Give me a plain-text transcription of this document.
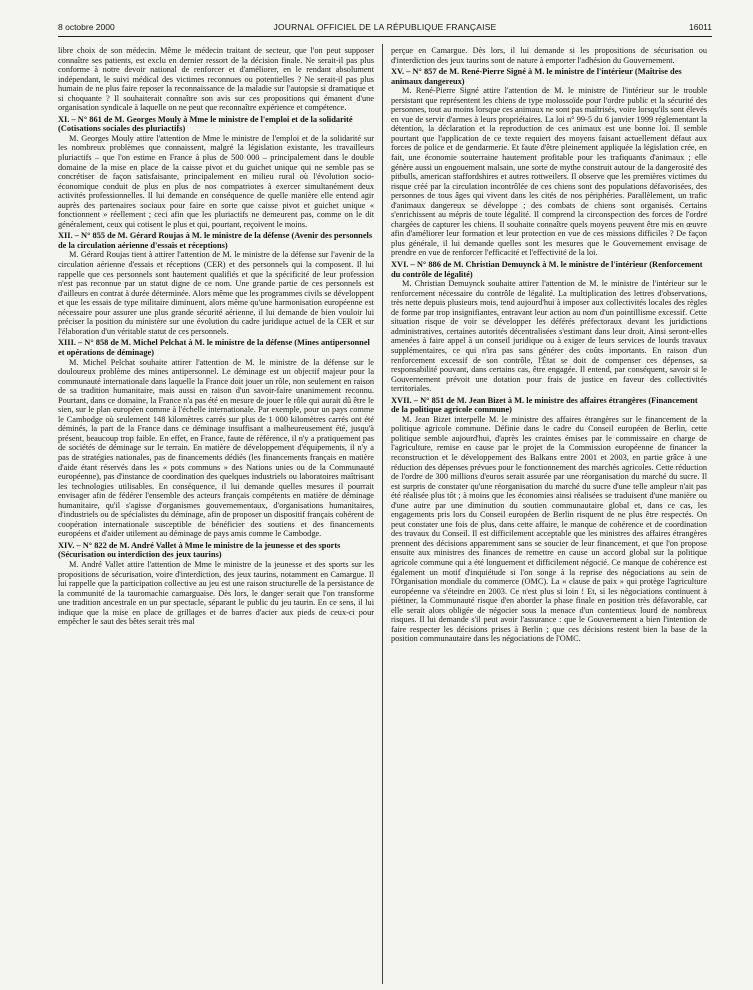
8 octobre 2000	JOURNAL OFFICIEL DE LA RÉPUBLIQUE FRANÇAISE	16011

libre choix de son médecin. Même le médecin traitant de secteur, que l'on peut supposer connaître ses patients, est exclu en dernier ressort de la décision finale. Ne serait-il pas plus conforme à notre devoir national de renforcer et d'améliorer, en le rendant absolument indépendant, le suivi médical des victimes reconnues ou potentielles ? Ne serait-il pas plus humain de ne plus faire reposer la reconnaissance de la maladie sur l'autopsie si dramatique et si choquante ? Il souhaiterait connaître son avis sur ces propositions qui émanent d'une organisation syndicale à laquelle on ne peut que reconnaître expérience et compétence.

XI. – N° 861 de M. Georges Mouly à Mme le ministre de l'emploi et de la solidarité (Cotisations sociales des pluriactifs)

M. Georges Mouly attire l'attention de Mme le ministre de l'emploi et de la solidarité sur les nombreux problèmes que connaissent, malgré la législation existante, les travailleurs pluriactifs – que l'on estime en France à plus de 500 000 – principalement dans le double domaine de la mise en place de la caisse pivot et du guichet unique qui ne semble pas se concrétiser de façon satisfaisante, principalement en milieu rural où l'évolution socio-économique conduit de plus en plus de nos compatriotes à exercer simultanément deux activités professionnelles. Il lui demande en conséquence de quelle manière elle entend agir auprès des partenaires sociaux pour faire en sorte que caisse pivot et guichet unique « fonctionnent » réellement ; ceci afin que les pluriactifs ne demeurent pas, comme on le dit généralement, ceux qui cotisent le plus et qui, pourtant, reçoivent le moins.

XII. – N° 855 de M. Gérard Roujas à M. le ministre de la défense (Avenir des personnels de la circulation aérienne d'essais et réceptions)

M. Gérard Roujas tient à attirer l'attention de M. le ministre de la défense sur l'avenir de la circulation aérienne d'essais et réceptions (CER) et des personnels qui la composent. Il lui rappelle que ces personnels sont hautement qualifiés et que la spécificité de leur profession n'est pas reconnue par un statut digne de ce nom. Une grande partie de ces personnels est d'ailleurs en contrat à durée déterminée. Alors même que les programmes civils se développent et que les essais de type militaire diminuent, alors même qu'une harmonisation européenne est nécessaire pour assurer une plus grande sécurité aérienne, il lui demande de bien vouloir lui préciser la position du ministère sur une évolution du cadre juridique actuel de la CER et sur l'élaboration d'un véritable statut de ces personnels.

XIII. – N° 858 de M. Michel Pelchat à M. le ministre de la défense (Mines antipersonnel et opérations de déminage)

M. Michel Pelchat souhaite attirer l'attention de M. le ministre de la défense sur le douloureux problème des mines antipersonnel. Le déminage est un objectif majeur pour la communauté internationale dans laquelle la France doit jouer un rôle, non seulement en raison de sa tradition humanitaire, mais aussi en raison d'un savoir-faire unanimement reconnu. Pourtant, dans ce domaine, la France n'a pas été en mesure de jouer le rôle qui aurait dû être le sien, sur le plan européen comme à l'échelle internationale. Par exemple, pour un pays comme le Cambodge où seulement 148 kilomètres carrés sur plus de 1 000 kilomètres carrés ont été déminés, la part de la France dans ce déminage insuffisant a malheureusement été, jusqu'à présent, beaucoup trop faible. En effet, en France, faute de référence, il n'y a pratiquement pas de sociétés de déminage sur le terrain. En matière de développement d'équipements, il n'y a pas de stratégies nationales, pas de financements dédiés (les financements français en matière d'aide étant réservés dans les « pots communs » des Nations unies ou de la Communauté européenne), pas d'instance de coordination des quelques industriels ou laboratoires maîtrisant les technologies utilisables. En conséquence, il lui demande quelles mesures il pourrait envisager afin de fédérer l'ensemble des acteurs français compétents en matière de déminage humanitaire, qu'il s'agisse d'organismes gouvernementaux, d'organisations humanitaires, d'industriels ou de spécialistes du déminage, afin de proposer un dispositif français cohérent de coopération internationale susceptible de bénéficier des soutiens et des financements européens et d'aider utilement au déminage de pays amis comme le Cambodge.

XIV. – N° 822 de M. André Vallet à Mme le ministre de la jeunesse et des sports (Sécurisation ou interdiction des jeux taurins)

M. André Vallet attire l'attention de Mme le ministre de la jeunesse et des sports sur les propositions de sécurisation, voire d'interdiction, des jeux taurins, notamment en Camargue. Il lui rappelle que la participation collective au jeu est une raison structurelle de la persistance de la communité de la tauromachie camarguaise. Dès lors, le danger serait que l'on transforme une tradition ancestrale en un pur spectacle, séparant le public du jeu taurin. En ce sens, il lui indique que la mise en place de grillages et de barres d'acier aux pieds de ceux-ci pour empêcher le saut des bêtes serait très mal

perçue en Camargue. Dès lors, il lui demande si les propositions de sécurisation ou d'interdiction des jeux taurins sont de nature à emporter l'adhésion du Gouvernement.

XV. – N° 857 de M. René-Pierre Signé à M. le ministre de l'intérieur (Maîtrise des animaux dangereux)

M. René-Pierre Signé attire l'attention de M. le ministre de l'intérieur sur le trouble persistant que représentent les chiens de type molossoïde pour l'ordre public et la sécurité des personnes, tout au moins lorsque ces animaux ne sont pas maîtrisés, voire lorsqu'ils sont élevés en vue de servir d'armes à leurs propriétaires. La loi n° 99-5 du 6 janvier 1999 réglementant la détention, la déclaration et la reproduction de ces animaux est une bonne loi. Il semble pourtant que l'application de ce texte requiert des moyens faisant actuellement défaut aux forces de police et de gendarmerie. Et faute d'être pleinement appliquée la législation crée, en fait, une économie souterraine hautement profitable pour les trafiquants d'animaux ; elle génère aussi un engouement malsain, une sorte de mythe construit autour de la dangerosité des pitbulls, american staffordshires et autres rottweilers. Il observe que les premières victimes du risque créé par la circulation incontrôlée de ces chiens sont des populations défavorisées, des personnes de tous âges qui vivent dans les cités de nos périphéries. Parallèlement, un trafic d'animaux dangereux se développe ; des combats de chiens sont organisés. Certains s'enrichissent au mépris de toute légalité. Il comprend la circonspection des forces de l'ordre chargées de capturer les chiens. Il souhaite connaître quels moyens peuvent être mis en œuvre afin d'améliorer leur formation et leur protection en vue de ces missions difficiles ? De façon plus générale, il lui demande quelles sont les mesures que le Gouvernement envisage de prendre en vue de renforcer l'efficacité et l'effectivité de la loi.

XVI. – N° 886 de M. Christian Demuynck à M. le ministre de l'intérieur (Renforcement du contrôle de légalité)

M. Christian Demuynck souhaite attirer l'attention de M. le ministre de l'intérieur sur le renforcement nécessaire du contrôle de légalité. La multiplication des lettres d'observations, très nette depuis plusieurs mois, tend aujourd'hui à imposer aux collectivités locales des règles de forme par trop insignifiantes, entravant leur action au nom d'un pointillisme excessif. Cette situation risque de voir se développer les déférés préfectoraux devant les juridictions administratives, certaines autorités décentralisées s'estimant dans leur droit. Ainsi seront-elles amenées à faire appel à un conseil juridique ou à exiger de leurs services de lourds travaux supplémentaires, ce qui n'ira pas sans générer des coûts importants. En raison d'un renforcement excessif de son contrôle, l'État se doit de compenser ces dépenses, sa responsabilité pouvant, dans certains cas, être engagée. Il entend, par conséquent, savoir si le Gouvernement prévoit une dotation pour frais de justice en faveur des collectivités territoriales.

XVII. – N° 851 de M. Jean Bizet à M. le ministre des affaires étrangères (Financement de la politique agricole commune)

M. Jean Bizet interpelle M. le ministre des affaires étrangères sur le financement de la politique agricole commune. Définie dans le cadre du Conseil européen de Berlin, cette politique semble aujourd'hui, d'après les craintes émises par le commissaire en charge de l'agriculture, remise en cause par le projet de la Commission européenne de financer la reconstruction et le développement des Balkans entre 2001 et 2003, en partie grâce à une réduction des dépenses prévues pour le fonctionnement des marchés agricoles. Cette réduction de l'ordre de 300 millions d'euros serait assurée par une réorganisation du marché du sucre. Il est surpris de constater qu'une réorganisation du marché du sucre d'une telle ampleur n'ait pas été réalisée plus tôt ; à moins que les économies ainsi réalisées se traduisent d'une manière ou d'une autre par une diminution du soutien communautaire global et, dans ce cas, les engagements pris lors du Conseil européen de Berlin risquent de ne plus être respectés. On peut constater une fois de plus, dans cette affaire, le manque de cohérence et de coordination des travaux du Conseil. Il est difficilement acceptable que les ministres des affaires étrangères prennent des décisions apparemment sans se soucier de leur financement, et que l'on propose ensuite aux ministres des finances de remettre en cause un accord global sur la politique agricole commune qui a été longuement et difficilement négocié. Ce manque de cohérence est également un motif d'inquiétude si l'on songe à la reprise des négociations au sein de l'Organisation mondiale du commerce (OMC). La « clause de paix » qui protège l'agriculture européenne va s'éteindre en 2003. Ce n'est plus si loin ! Et, si les négociations continuent à piétiner, la Communauté risque d'en aborder la phase finale en position très défavorable, car elle serait alors obligée de négocier sous la menace d'un contentieux lourd de nombreux risques. Il lui demande s'il peut avoir l'assurance : que le Gouvernement a bien l'intention de faire respecter les décisions prises à Berlin ; que ces décisions restent bien la base de la position communautaire dans les négociations de l'OMC.
